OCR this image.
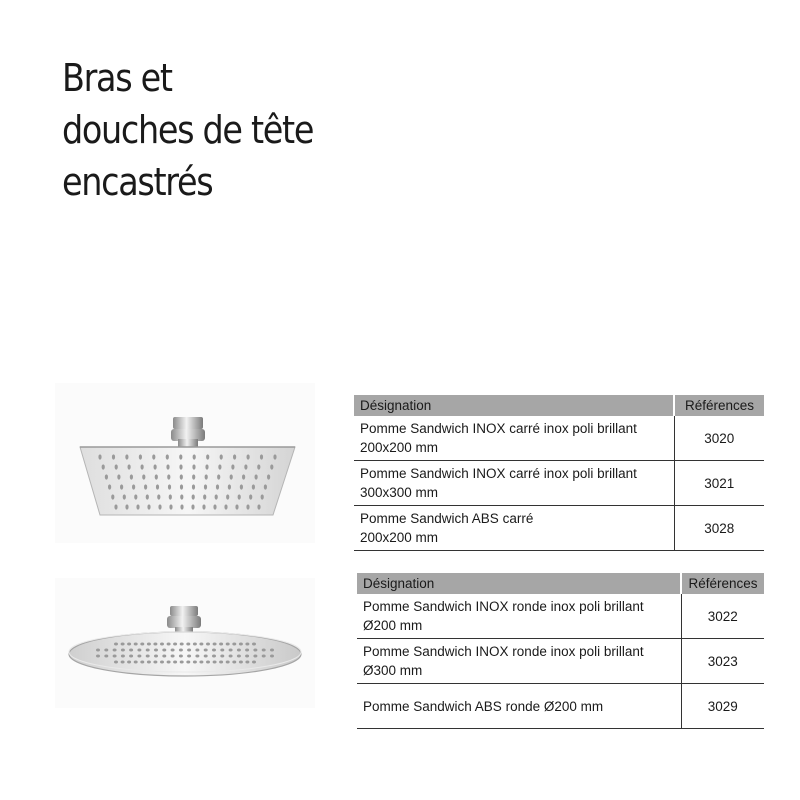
Bras et
douches de tête
encastrés
Désignation	Références

Pomme Sandwich INOX carré inox poli brillant
200x200 mm	3020

Pomme Sandwich INOX carré inox poli brillant
300x300 mm	3021

Pomme Sandwich ABS carré
200x200 mm	3028
Désignation	Références

Pomme Sandwich INOX ronde inox poli brillant
Ø200 mm	3022

Pomme Sandwich INOX ronde inox poli brillant
Ø300 mm	3023

Pomme Sandwich ABS ronde Ø200 mm	3029
